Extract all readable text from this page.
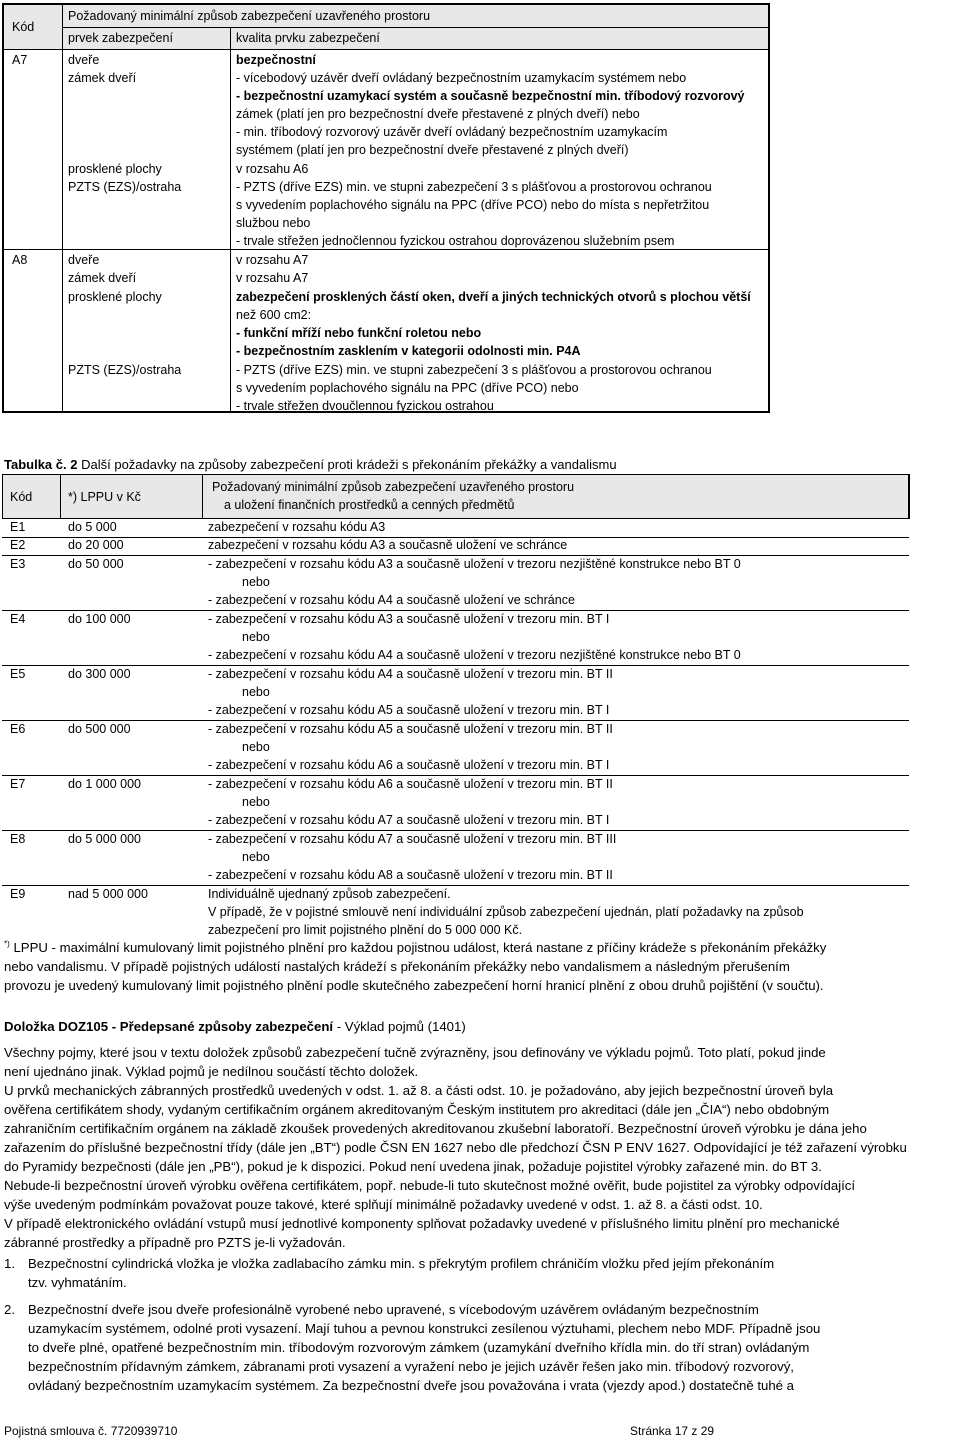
Kód
Požadovaný minimální způsob zabezpečení uzavřeného prostoru
prvek zabezpečení	kvalita prvku zabezpečení
A7	dveře	bezpečnostní
zámek dveří	- vícebodový uzávěr dveří ovládaný bezpečnostním uzamykacím systémem nebo
- bezpečnostní uzamykací systém a současně bezpečnostní min. tříbodový rozvorový
zámek (platí jen pro bezpečnostní dveře přestavené z plných dveří) nebo
- min. tříbodový rozvorový uzávěr dveří ovládaný bezpečnostním uzamykacím
systémem (platí jen pro bezpečnostní dveře přestavené z plných dveří)
prosklené plochy	v rozsahu A6
PZTS (EZS)/ostraha	- PZTS (dříve EZS) min. ve stupni zabezpečení 3 s plášťovou a prostorovou ochranou
s vyvedením poplachového signálu na PPC (dříve PCO) nebo do místa s nepřetržitou
službou nebo
- trvale střežen jednočlennou fyzickou ostrahou doprovázenou služebním psem
A8	dveře	v rozsahu A7
zámek dveří	v rozsahu A7
prosklené plochy	zabezpečení prosklených částí oken, dveří a jiných technických otvorů s plochou větší
než 600 cm2:
- funkční mříží nebo funkční roletou nebo
- bezpečnostním zasklením v kategorii odolnosti min. P4A
PZTS (EZS)/ostraha	- PZTS (dříve EZS) min. ve stupni zabezpečení 3 s plášťovou a prostorovou ochranou
s vyvedením poplachového signálu na PPC (dříve PCO) nebo
- trvale střežen dvoučlennou fyzickou ostrahou
Tabulka č. 2 Další požadavky na způsoby zabezpečení proti krádeži s překonáním překážky a vandalismu
Kód	*) LPPU v Kč
Požadovaný minimální způsob zabezpečení uzavřeného prostoru
a uložení finančních prostředků a cenných předmětů
E1	do 5 000	zabezpečení v rozsahu kódu A3
E2	do 20 000	zabezpečení v rozsahu kódu A3 a současně uložení ve schránce
E3	do 50 000	- zabezpečení v rozsahu kódu A3 a současně uložení v trezoru nezjištěné konstrukce nebo BT 0
nebo
- zabezpečení v rozsahu kódu A4 a současně uložení ve schránce
E4	do 100 000	- zabezpečení v rozsahu kódu A3 a současně uložení v trezoru min. BT I
nebo
- zabezpečení v rozsahu kódu A4 a současně uložení v trezoru nezjištěné konstrukce nebo BT 0
E5	do 300 000	- zabezpečení v rozsahu kódu A4 a současně uložení v trezoru min. BT II
nebo
- zabezpečení v rozsahu kódu A5 a současně uložení v trezoru min. BT I
E6	do 500 000	- zabezpečení v rozsahu kódu A5 a současně uložení v trezoru min. BT II
nebo
- zabezpečení v rozsahu kódu A6 a současně uložení v trezoru min. BT I
E7	do 1 000 000	- zabezpečení v rozsahu kódu A6 a současně uložení v trezoru min. BT II
nebo
- zabezpečení v rozsahu kódu A7 a současně uložení v trezoru min. BT I
E8	do 5 000 000	- zabezpečení v rozsahu kódu A7 a současně uložení v trezoru min. BT III
nebo
- zabezpečení v rozsahu kódu A8 a současně uložení v trezoru min. BT II
E9	nad 5 000 000	Individuálně ujednaný způsob zabezpečení.
V případě, že v pojistné smlouvě není individuální způsob zabezpečení ujednán, platí požadavky na způsob
zabezpečení pro limit pojistného plnění do 5 000 000 Kč.
*) LPPU - maximální kumulovaný limit pojistného plnění pro každou pojistnou událost, která nastane z příčiny krádeže s překonáním překážky
nebo vandalismu. V případě pojistných událostí nastalých krádeží s překonáním překážky nebo vandalismem a následným přerušením
provozu je uvedený kumulovaný limit pojistného plnění podle skutečného zabezpečení horní hranicí plnění z obou druhů pojištění (v součtu).
Doložka DOZ105 - Předepsané způsoby zabezpečení - Výklad pojmů (1401)
Všechny pojmy, které jsou v textu doložek způsobů zabezpečení tučně zvýrazněny, jsou definovány ve výkladu pojmů. Toto platí, pokud jinde
není ujednáno jinak. Výklad pojmů je nedílnou součástí těchto doložek.
U prvků mechanických zábranných prostředků uvedených v odst. 1. až 8. a části odst. 10. je požadováno, aby jejich bezpečnostní úroveň byla
ověřena certifikátem shody, vydaným certifikačním orgánem akreditovaným Českým institutem pro akreditaci (dále jen „ČIA“) nebo obdobným
zahraničním certifikačním orgánem na základě zkoušek provedených akreditovanou zkušební laboratoří. Bezpečnostní úroveň výrobku je dána jeho
zařazením do příslušné bezpečnostní třídy (dále jen „BT“) podle ČSN EN 1627 nebo dle předchozí ČSN P ENV 1627. Odpovídající je též zařazení výrobku
do Pyramidy bezpečnosti (dále jen „PB“), pokud je k dispozici. Pokud není uvedena jinak, požaduje pojistitel výrobky zařazené min. do BT 3.
Nebude-li bezpečnostní úroveň výrobku ověřena certifikátem, popř. nebude-li tuto skutečnost možné ověřit, bude pojistitel za výrobky odpovídající
výše uvedeným podmínkám považovat pouze takové, které splňují minimálně požadavky uvedené v odst. 1. až 8. a části odst. 10.
V případě elektronického ovládání vstupů musí jednotlivé komponenty splňovat požadavky uvedené v příslušného limitu plnění pro mechanické
zábranné prostředky a případně pro PZTS je-li vyžadován.
1. Bezpečnostní cylindrická vložka je vložka zadlabacího zámku min. s překrytým profilem chráničím vložku před jejím překonáním
tzv. vyhmatáním.
2. Bezpečnostní dveře jsou dveře profesionálně vyrobené nebo upravené, s vícebodovým uzávěrem ovládaným bezpečnostním
uzamykacím systémem, odolné proti vysazení. Mají tuhou a pevnou konstrukci zesílenou výztuhami, plechem nebo MDF. Případně jsou
to dveře plné, opatřené bezpečnostním min. tříbodovým rozvorovým zámkem (uzamykání dveřního křídla min. do tří stran) ovládaným
bezpečnostním přídavným zámkem, zábranami proti vysazení a vyražení nebo je jejich uzávěr řešen jako min. tříbodový rozvorový,
ovládaný bezpečnostním uzamykacím systémem. Za bezpečnostní dveře jsou považována i vrata (vjezdy apod.) dostatečně tuhé a
Pojistná smlouva č. 7720939710	Stránka 17 z 29
